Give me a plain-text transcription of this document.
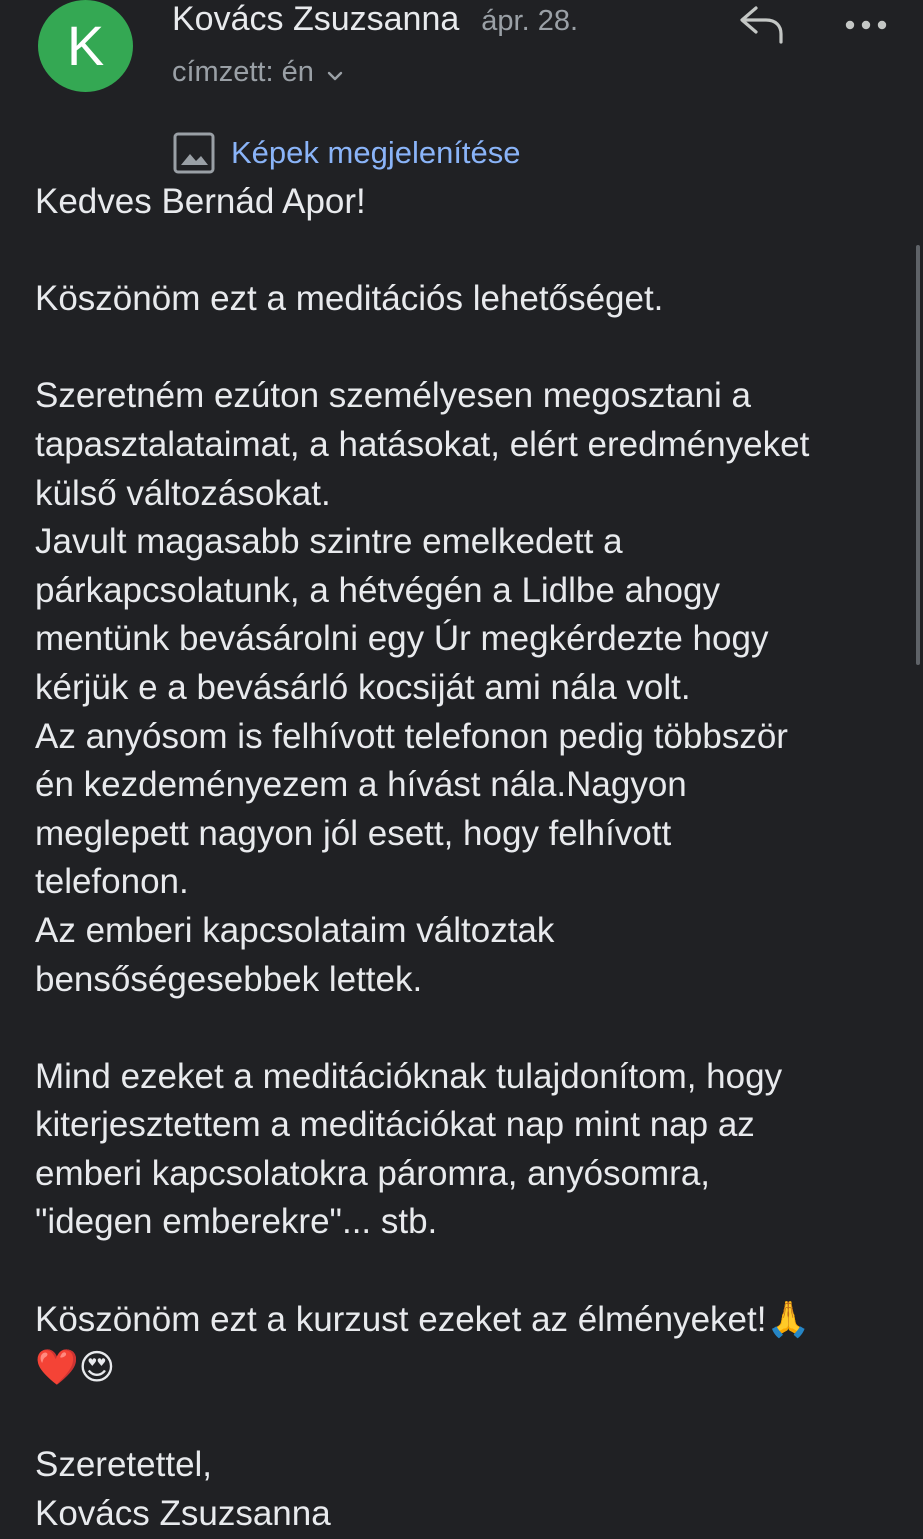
K	Kovács Zsuzsanna ápr. 28.
címzett: én
Képek megjelenítése
Kedves Bernád Apor!
Köszönöm ezt a meditációs lehetőséget.
Szeretném ezúton személyesen megosztani a
tapasztalataimat, a hatásokat, elért eredményeket
külső változásokat.
Javult magasabb szintre emelkedett a
párkapcsolatunk, a hétvégén a Lidlbe ahogy
mentünk bevásárolni egy Úr megkérdezte hogy
kérjük e a bevásárló kocsiját ami nála volt.
Az anyósom is felhívott telefonon pedig többször
én kezdeményezem a hívást nála.Nagyon
meglepett nagyon jól esett, hogy felhívott
telefonon.
Az emberi kapcsolataim változtak
bensőségesebbek lettek.
Mind ezeket a meditációknak tulajdonítom, hogy
kiterjesztettem a meditációkat nap mint nap az
emberi kapcsolatokra páromra, anyósomra,
"idegen emberekre"... stb.
Köszönöm ezt a kurzust ezeket az élményeket!🙏
❤️😍
Szeretettel,
Kovács Zsuzsanna
